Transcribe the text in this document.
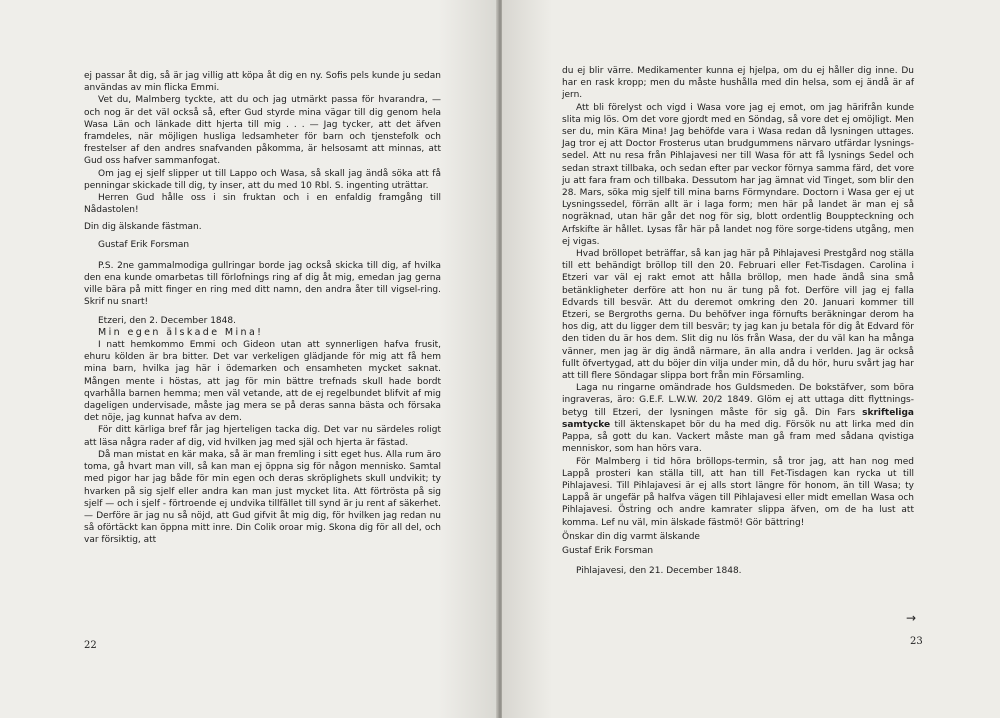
ej passar åt dig, så är jag villig att köpa åt dig en ny. Sofis pels kunde ju sedan användas av min flicka Emmi.

Vet du, Malmberg tyckte, att du och jag utmärkt passa för hvarandra, — och nog är det väl också så, efter Gud styrde mina vägar till dig genom hela Wasa Län och länkade ditt hjerta till mig . . . — Jag tycker, att det äfven framdeles, när möjligen husliga ledsamheter för barn och tjenstefolk och frestelser af den andres snafvanden påkomma, är helsosamt att minnas, att Gud oss hafver sammanfogat.

Om jag ej sjelf slipper ut till Lappo och Wasa, så skall jag ändå söka att få penningar skickade till dig, ty inser, att du med 10 Rbl. S. ingenting uträttar.

Herren Gud hålle oss i sin fruktan och i en enfaldig framgång till Nådastolen!

Din dig älskande fästman.

Gustaf Erik Forsman

P.S. 2ne gammalmodiga gullringar borde jag också skicka till dig, af hvilka den ena kunde omarbetas till förlofnings ring af dig åt mig, emedan jag gerna ville bära på mitt finger en ring med ditt namn, den andra åter till vigsel-ring. Skrif nu snart!

Etzeri, den 2. December 1848.

Min egen älskade Mina!

I natt hemkommo Emmi och Gideon utan att synnerligen hafva frusit, ehuru kölden är bra bitter. Det var verkeligen glädjande för mig att få hem mina barn, hvilka jag här i ödemarken och ensamheten mycket saknat. Mången mente i höstas, att jag för min bättre trefnads skull hade bordt qvarhålla barnen hemma; men väl vetande, att de ej regelbundet blifvit af mig dageligen undervisade, måste jag mera se på deras sanna bästa och försaka det nöje, jag kunnat hafva av dem.

För ditt kärliga bref får jag hjerteligen tacka dig. Det var nu särdeles roligt att läsa några rader af dig, vid hvilken jag med själ och hjerta är fästad.

Då man mistat en kär maka, så är man fremling i sitt eget hus. Alla rum äro toma, gå hvart man vill, så kan man ej öppna sig för någon mennisko. Samtal med pigor har jag både för min egen och deras skröplighets skull undvikit; ty hvarken på sig sjelf eller andra kan man just mycket lita. Att förtrösta på sig sjelf — och i sjelf - förtroende ej undvika tillfället till synd är ju rent af säkerhet. — Derföre är jag nu så nöjd, att Gud gifvit åt mig dig, för hvilken jag redan nu så oförtäckt kan öppna mitt inre. Din Colik oroar mig. Skona dig för all del, och var försiktig, att

22

du ej blir värre. Medikamenter kunna ej hjelpa, om du ej håller dig inne. Du har en rask kropp; men du måste hushålla med din helsa, som ej ändå är af jern.

Att bli förelyst och vigd i Wasa vore jag ej emot, om jag härifrån kunde slita mig lös. Om det vore gjordt med en Söndag, så vore det ej omöjligt. Men ser du, min Kära Mina! Jag behöfde vara i Wasa redan då lysningen uttages. Jag tror ej att Doctor Frosterus utan brudgummens närvaro utfärdar lysnings-sedel. Att nu resa från Pihlajavesi ner till Wasa för att få lysnings Sedel och sedan straxt tillbaka, och sedan efter par veckor förnya samma färd, det vore ju att fara fram och tillbaka. Dessutom har jag ämnat vid Tinget, som blir den 28. Mars, söka mig sjelf till mina barns Förmyndare. Doctorn i Wasa ger ej ut Lysningssedel, förrän allt är i laga form; men här på landet är man ej så nogräknad, utan här går det nog för sig, blott ordentlig Bouppteckning och Arfskifte är hållet. Lysas får här på landet nog före sorge-tidens utgång, men ej vigas.

Hvad bröllopet beträffar, så kan jag här på Pihlajavesi Prestgård nog ställa till ett behändigt bröllop till den 20. Februari eller Fet-Tisdagen. Carolina i Etzeri var väl ej rakt emot att hålla bröllop, men hade ändå sina små betänkligheter derföre att hon nu är tung på fot. Derföre vill jag ej falla Edvards till besvär. Att du deremot omkring den 20. Januari kommer till Etzeri, se Bergroths gerna. Du behöfver inga förnufts beräkningar derom ha hos dig, att du ligger dem till besvär; ty jag kan ju betala för dig åt Edvard för den tiden du är hos dem. Slit dig nu lös från Wasa, der du väl kan ha många vänner, men jag är dig ändå närmare, än alla andra i verlden. Jag är också fullt öfvertygad, att du böjer din vilja under min, då du hör, huru svårt jag har att till flere Söndagar slippa bort från min Församling.

Laga nu ringarne omändrade hos Guldsmeden. De bokstäfver, som böra ingraveras, äro: G.E.F. L.W.W. 20/2 1849. Glöm ej att uttaga ditt flyttnings-betyg till Etzeri, der lysningen måste för sig gå. Din Fars skrifteliga samtycke till äktenskapet bör du ha med dig. Försök nu att lirka med din Pappa, så gott du kan. Vackert måste man gå fram med sådana qvistiga menniskor, som han hörs vara.

För Malmberg i tid höra bröllops-termin, så tror jag, att han nog med Lappå prosteri kan ställa till, att han till Fet-Tisdagen kan rycka ut till Pihlajavesi. Till Pihlajavesi är ej alls stort längre för honom, än till Wasa; ty Lappå är ungefär på halfva vägen till Pihlajavesi eller midt emellan Wasa och Pihlajavesi. Östring och andre kamrater slippa äfven, om de ha lust att komma. Lef nu väl, min älskade fästmö! Gör bättring!

Önskar din dig varmt älskande

Gustaf Erik Forsman

Pihlajavesi, den 21. December 1848.

→
23
